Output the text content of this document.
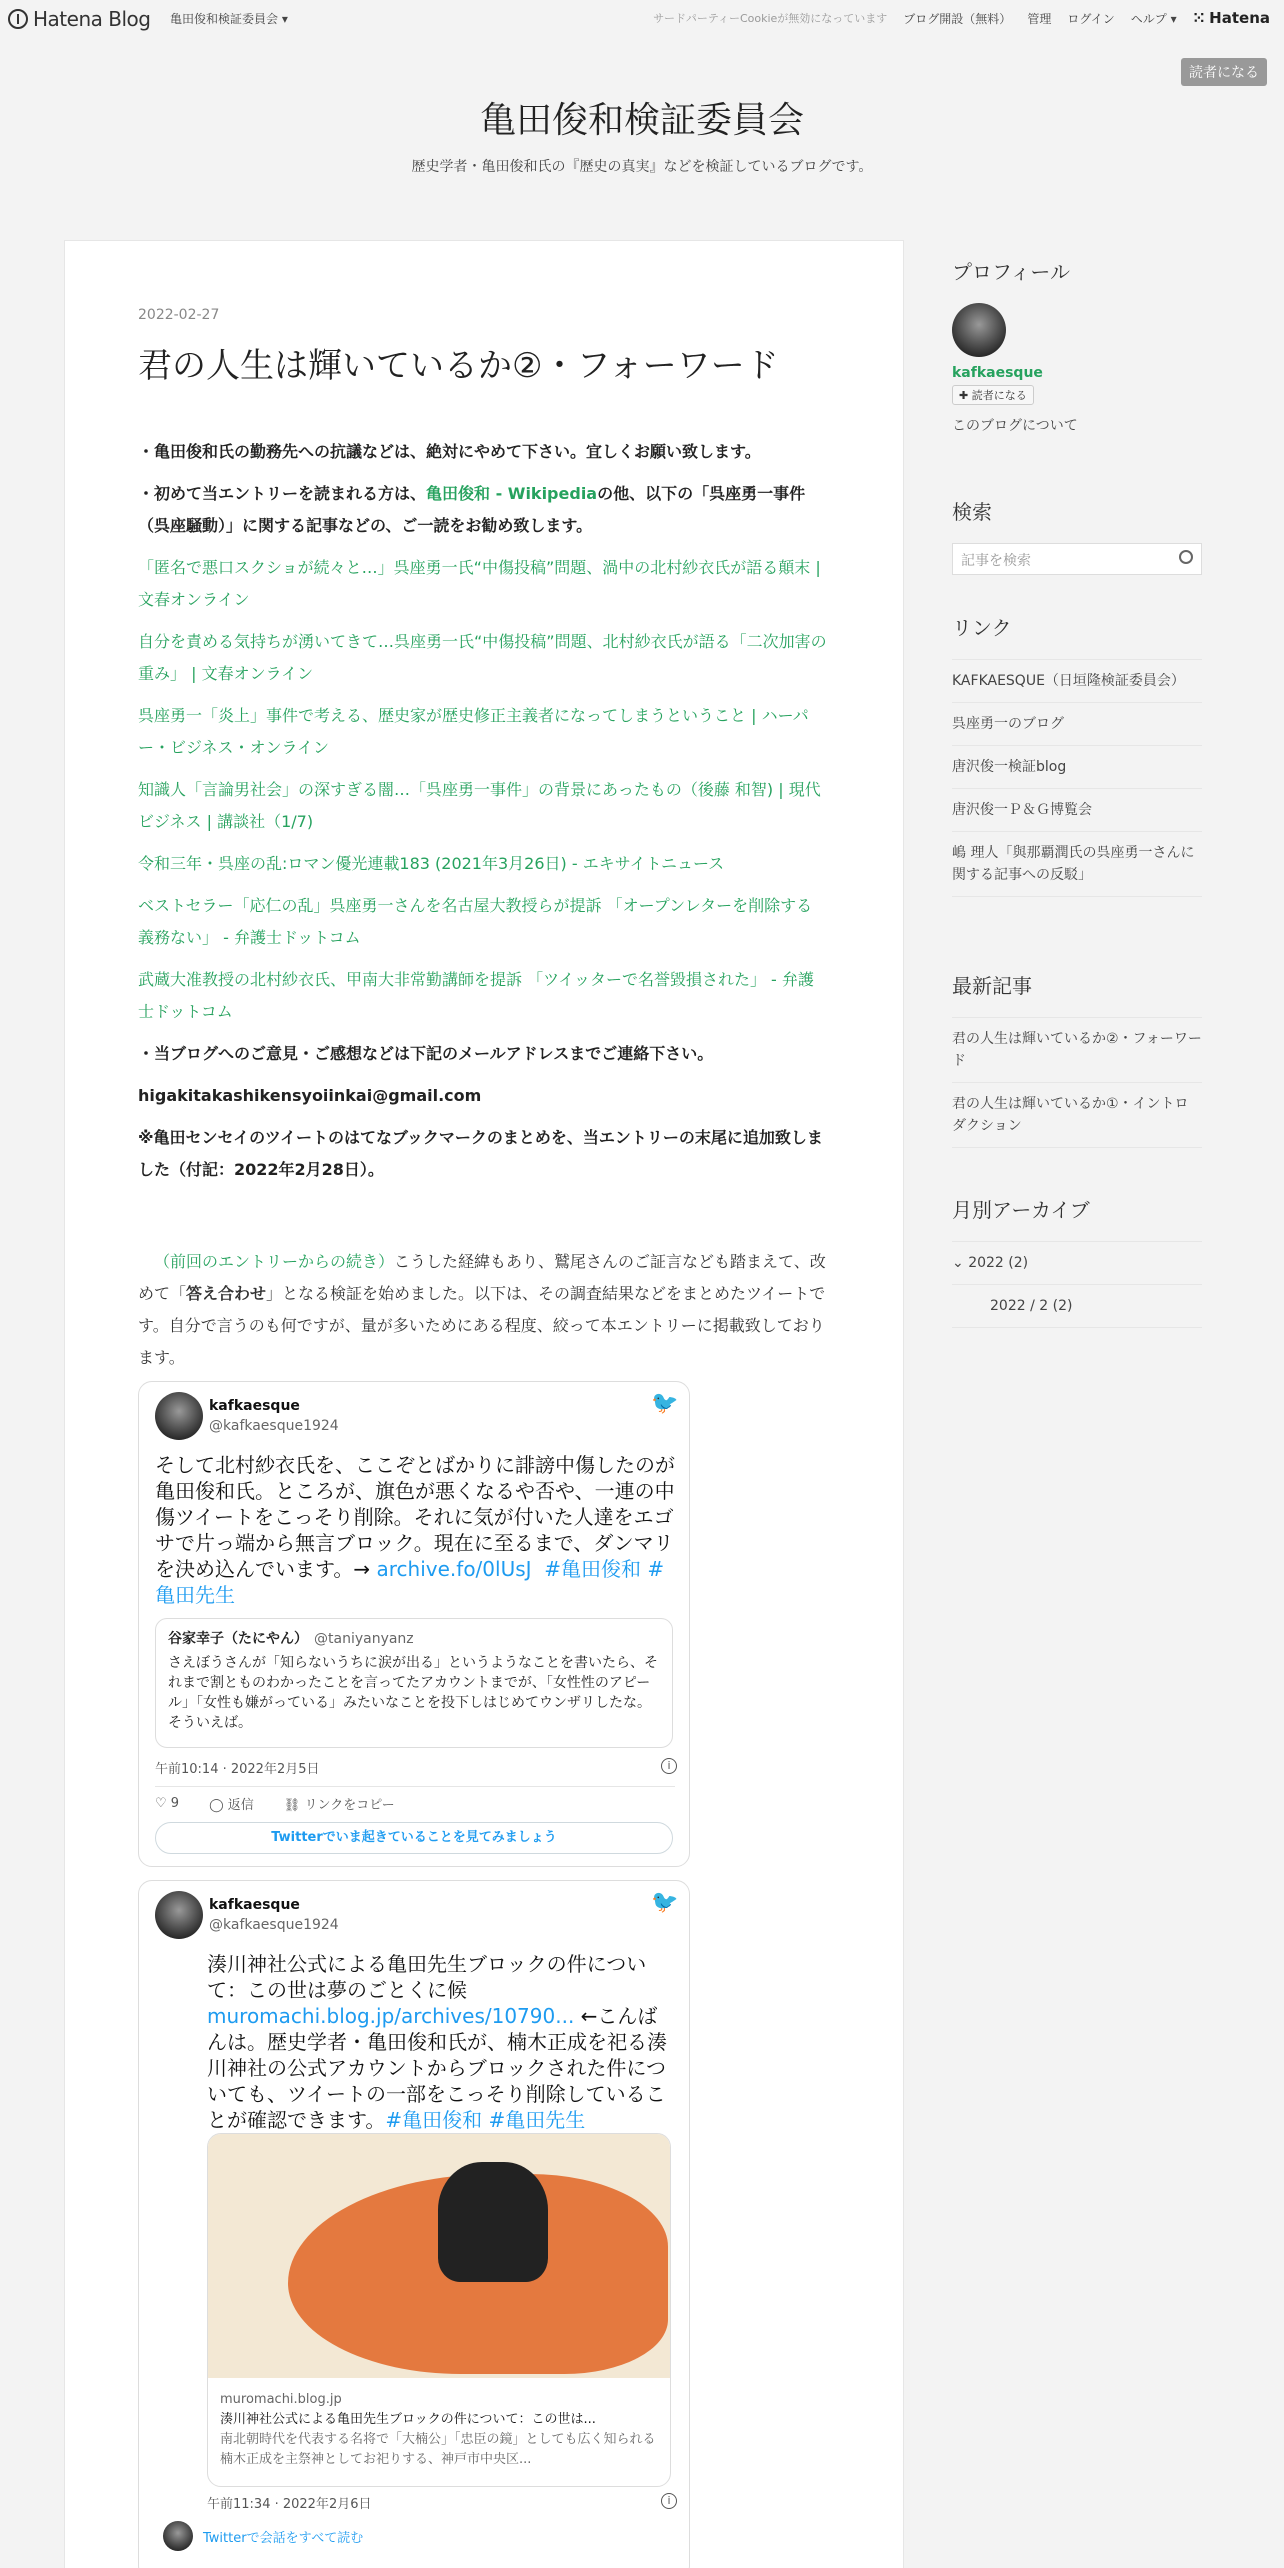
Hatena Blog 亀田俊和検証委員会 ▾	サードパーティーCookieが無効になっています ブログ開設（無料） 管理 ログイン ヘルプ ▾ ⁙ Hatena
読者になる
亀田俊和検証委員会
歴史学者・亀田俊和氏の『歴史の真実』などを検証しているブログです。
2022-02-27
君の人生は輝いているか②・フォーワード

・亀田俊和氏の勤務先への抗議などは、絶対にやめて下さい。宜しくお願い致します。

・初めて当エントリーを読まれる方は、亀田俊和 - Wikipediaの他、以下の「呉座勇一事件（呉座騒動）」に関する記事などの、ご一読をお勧め致します。

「匿名で悪口スクショが続々と…」呉座勇一氏“中傷投稿”問題、渦中の北村紗衣氏が語る顛末 | 文春オンライン

自分を責める気持ちが湧いてきて…呉座勇一氏“中傷投稿”問題、北村紗衣氏が語る「二次加害の重み」 | 文春オンライン

呉座勇一「炎上」事件で考える、歴史家が歴史修正主義者になってしまうということ | ハーパー・ビジネス・オンライン

知識人「言論男社会」の深すぎる闇…「呉座勇一事件」の背景にあったもの（後藤 和智) | 現代ビジネス | 講談社（1/7)

令和三年・呉座の乱:ロマン優光連載183 (2021年3月26日) - エキサイトニュース

ベストセラー「応仁の乱」呉座勇一さんを名古屋大教授らが提訴 「オープンレターを削除する義務ない」 - 弁護士ドットコム

武蔵大准教授の北村紗衣氏、甲南大非常勤講師を提訴 「ツイッターで名誉毀損された」 - 弁護士ドットコム

・当ブログへのご意見・ご感想などは下記のメールアドレスまでご連絡下さい。

higakitakashikensyoiinkai@gmail.com

※亀田センセイのツイートのはてなブックマークのまとめを、当エントリーの末尾に追加致しました（付記：2022年2月28日）。

（前回のエントリーからの続き）こうした経緯もあり、鷲尾さんのご証言なども踏まえて、改めて「答え合わせ」となる検証を始めました。以下は、その調査結果などをまとめたツイートです。自分で言うのも何ですが、量が多いためにある程度、絞って本エントリーに掲載致しております。

kafkaesque
@kafkaesque1924
🐦
そして北村紗衣氏を、ここぞとばかりに誹謗中傷したのが亀田俊和氏。ところが、旗色が悪くなるや否や、一連の中傷ツイートをこっそり削除。それに気が付いた人達をエゴサで片っ端から無言ブロック。現在に至るまで、ダンマリを決め込んでいます。→ archive.fo/0lUsJ #亀田俊和 #亀田先生
谷家幸子（たにやん） @taniyanyanz
さえぼうさんが「知らないうちに涙が出る」というようなことを書いたら、それまで割とものわかったことを言ってたアカウントまでが、「女性性のアピール」「女性も嫌がっている」みたいなことを投下しはじめてウンザリしたな。そういえば。
午前10:14 · 2022年2月5日	i
♡ 9 ◯ 返信 ⛓ リンクをコピー
Twitterでいま起きていることを見てみましょう
kafkaesque
@kafkaesque1924
🐦
湊川神社公式による亀田先生ブロックの件について：この世は夢のごとくに候 muromachi.blog.jp/archives/10790... ←こんばんは。歴史学者・亀田俊和氏が、楠木正成を祀る湊川神社の公式アカウントからブロックされた件についても、ツイートの一部をこっそり削除していることが確認できます。#亀田俊和 #亀田先生
muromachi.blog.jp
湊川神社公式による亀田先生ブロックの件について：この世は...
南北朝時代を代表する名将で「大楠公」「忠臣の鏡」としても広く知られる楠木正成を主祭神としてお祀りする、神戸市中央区...
午前11:34 · 2022年2月6日	i
Twitterで会話をすべて読む
プロフィール
kafkaesque
✚ 読者になる
このブログについて
検索
記事を検索
リンク
KAFKAESQUE（日垣隆検証委員会）
呉座勇一のブログ
唐沢俊一検証blog
唐沢俊一Ｐ＆Ｇ博覧会
嶋 理人「與那覇潤氏の呉座勇一さんに関する記事への反駁」
最新記事
君の人生は輝いているか②・フォーワード
君の人生は輝いているか①・イントロダクション
月別アーカイブ
⌄ 2022 (2)
2022 / 2 (2)
